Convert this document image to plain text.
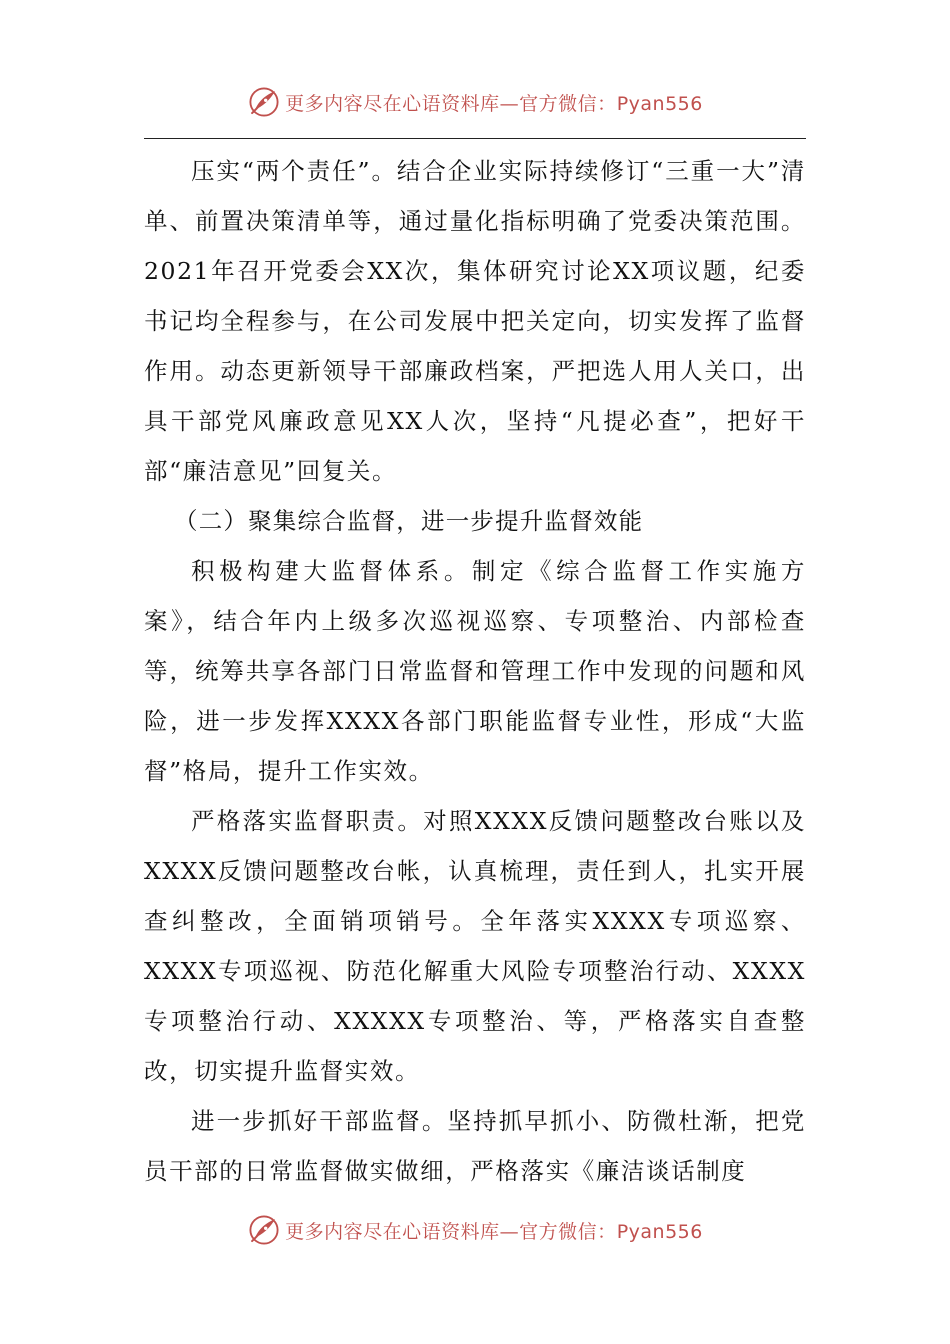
更多内容尽在心语资料库—官方微信：Pyan556

压实“两个责任”。结合企业实际持续修订“三重一大”清单、前置决策清单等，通过量化指标明确了党委决策范围。2021年召开党委会XX次，集体研究讨论XX项议题，纪委书记均全程参与，在公司发展中把关定向，切实发挥了监督作用。动态更新领导干部廉政档案，严把选人用人关口，出具干部党风廉政意见XX人次，坚持“凡提必查”，把好干部“廉洁意见”回复关。

（二）聚集综合监督，进一步提升监督效能

积极构建大监督体系。制定《综合监督工作实施方案》，结合年内上级多次巡视巡察、专项整治、内部检查等，统筹共享各部门日常监督和管理工作中发现的问题和风险，进一步发挥XXXX各部门职能监督专业性，形成“大监督”格局，提升工作实效。

严格落实监督职责。对照XXXX反馈问题整改台账以及XXXX反馈问题整改台帐，认真梳理，责任到人，扎实开展查纠整改，全面销项销号。全年落实XXXX专项巡察、XXXX专项巡视、防范化解重大风险专项整治行动、XXXX专项整治行动、XXXXX专项整治、等，严格落实自查整改，切实提升监督实效。

进一步抓好干部监督。坚持抓早抓小、防微杜渐，把党员干部的日常监督做实做细，严格落实《廉洁谈话制度

更多内容尽在心语资料库—官方微信：Pyan556
